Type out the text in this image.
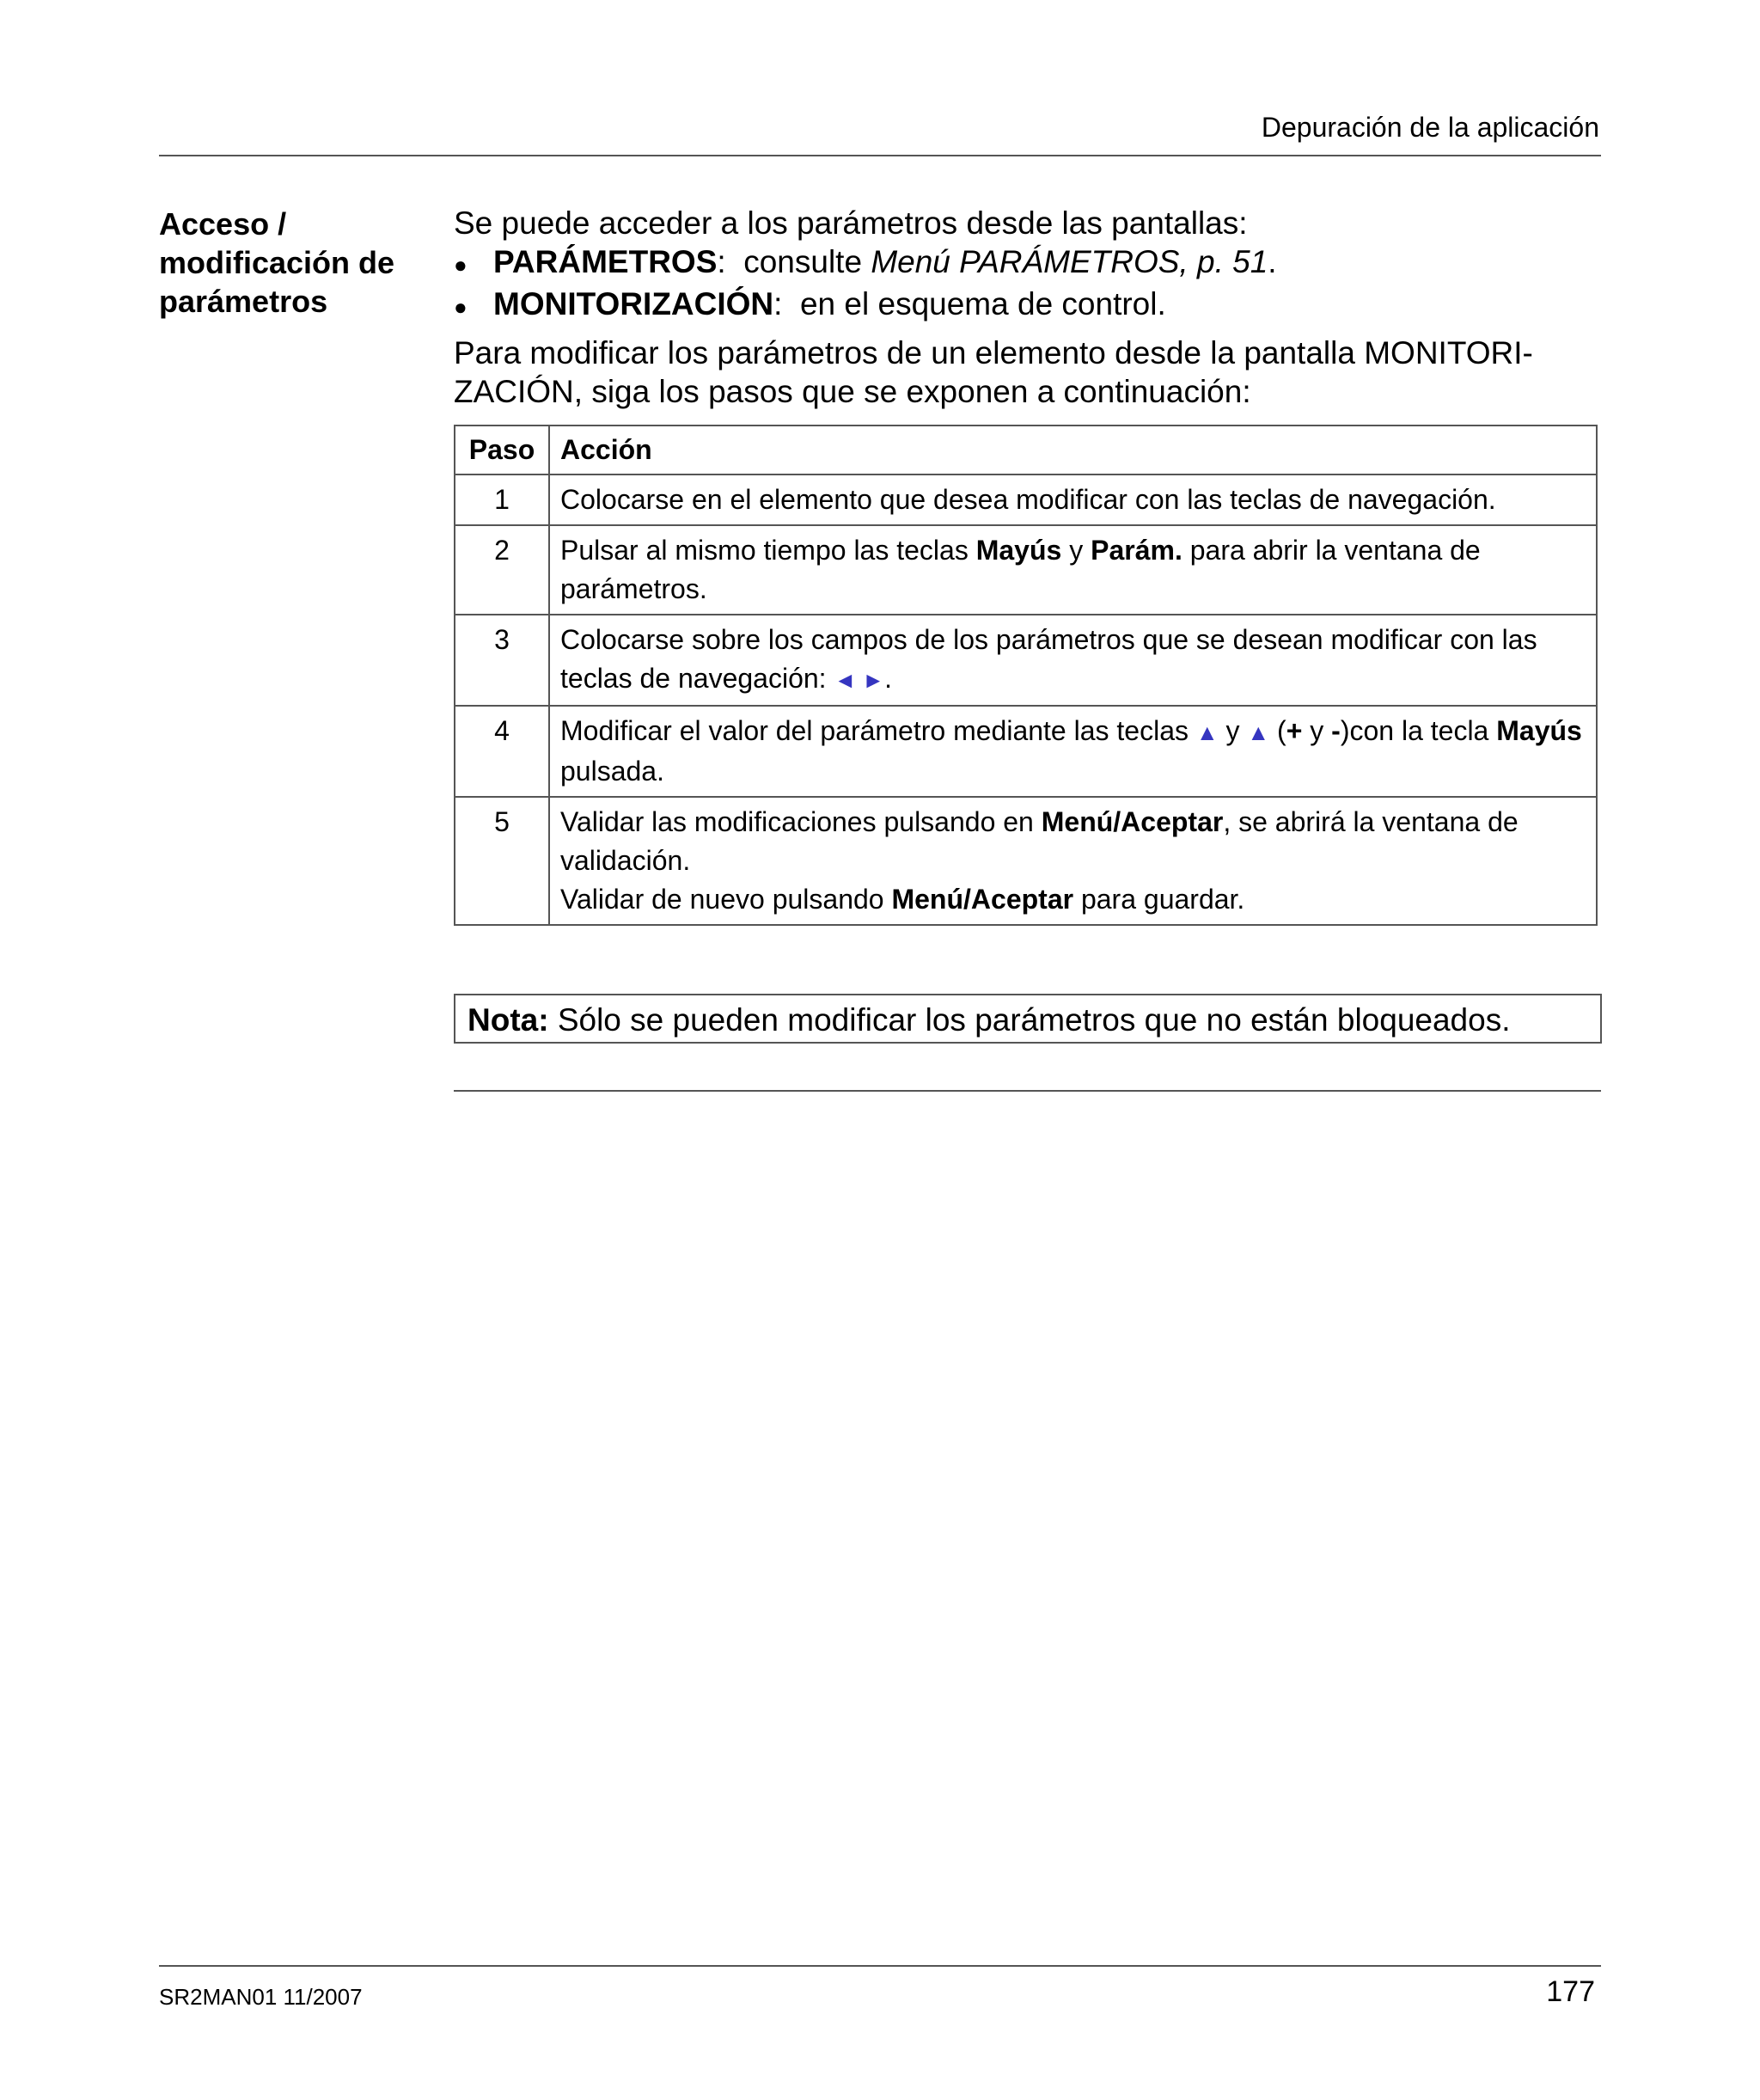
Depuración de la aplicación
Acceso /
modificación de
parámetros

Se puede acceder a los parámetros desde las pantallas:

● PARÁMETROS:  consulte Menú PARÁMETROS, p. 51.
● MONITORIZACIÓN:  en el esquema de control.
Para modificar los parámetros de un elemento desde la pantalla MONITORI-
ZACIÓN, siga los pasos que se exponen a continuación:
Paso	Acción
1	Colocarse en el elemento que desea modificar con las teclas de navegación.
2	Pulsar al mismo tiempo las teclas Mayús y Parám. para abrir la ventana de parámetros.
3	Colocarse sobre los campos de los parámetros que se desean modificar con las teclas de navegación: ◄ ►.
4	Modificar el valor del parámetro mediante las teclas ▲ y ▲ (+ y -)con la tecla Mayús pulsada.
5	Validar las modificaciones pulsando en Menú/Aceptar, se abrirá la ventana de validación.
Validar de nuevo pulsando Menú/Aceptar para guardar.
Nota: Sólo se pueden modificar los parámetros que no están bloqueados.
SR2MAN01 11/2007	177
